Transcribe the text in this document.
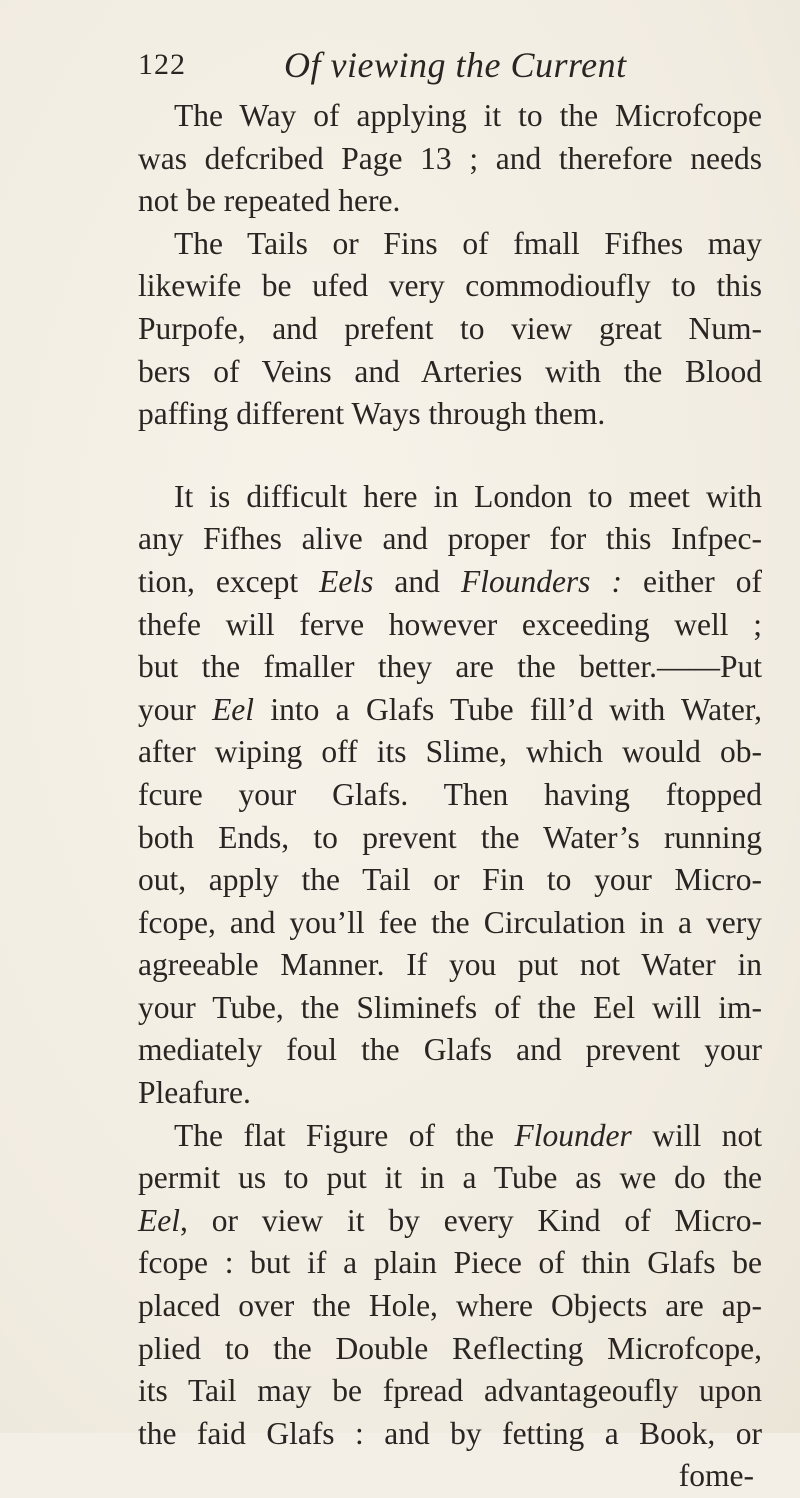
122	Of viewing the Current
The Way of applying it to the Microfcope
was defcribed Page 13 ; and therefore needs
not be repeated here.
The Tails or Fins of fmall Fifhes may
likewife be ufed very commodioufly to this
Purpofe, and prefent to view great Num-
bers of Veins and Arteries with the Blood
paffing different Ways through them.
It is difficult here in London to meet with
any Fifhes alive and proper for this Infpec-
tion, except Eels and Flounders : either of
thefe will ferve however exceeding well ;
but the fmaller they are the better.——Put
your Eel into a Glafs Tube fill’d with Water,
after wiping off its Slime, which would ob-
fcure your Glafs. Then having ftopped
both Ends, to prevent the Water’s running
out, apply the Tail or Fin to your Micro-
fcope, and you’ll fee the Circulation in a very
agreeable Manner. If you put not Water in
your Tube, the Sliminefs of the Eel will im-
mediately foul the Glafs and prevent your
Pleafure.
The flat Figure of the Flounder will not
permit us to put it in a Tube as we do the
Eel, or view it by every Kind of Micro-
fcope : but if a plain Piece of thin Glafs be
placed over the Hole, where Objects are ap-
plied to the Double Reflecting Microfcope,
its Tail may be fpread advantageoufly upon
the faid Glafs : and by fetting a Book, or
fome-
